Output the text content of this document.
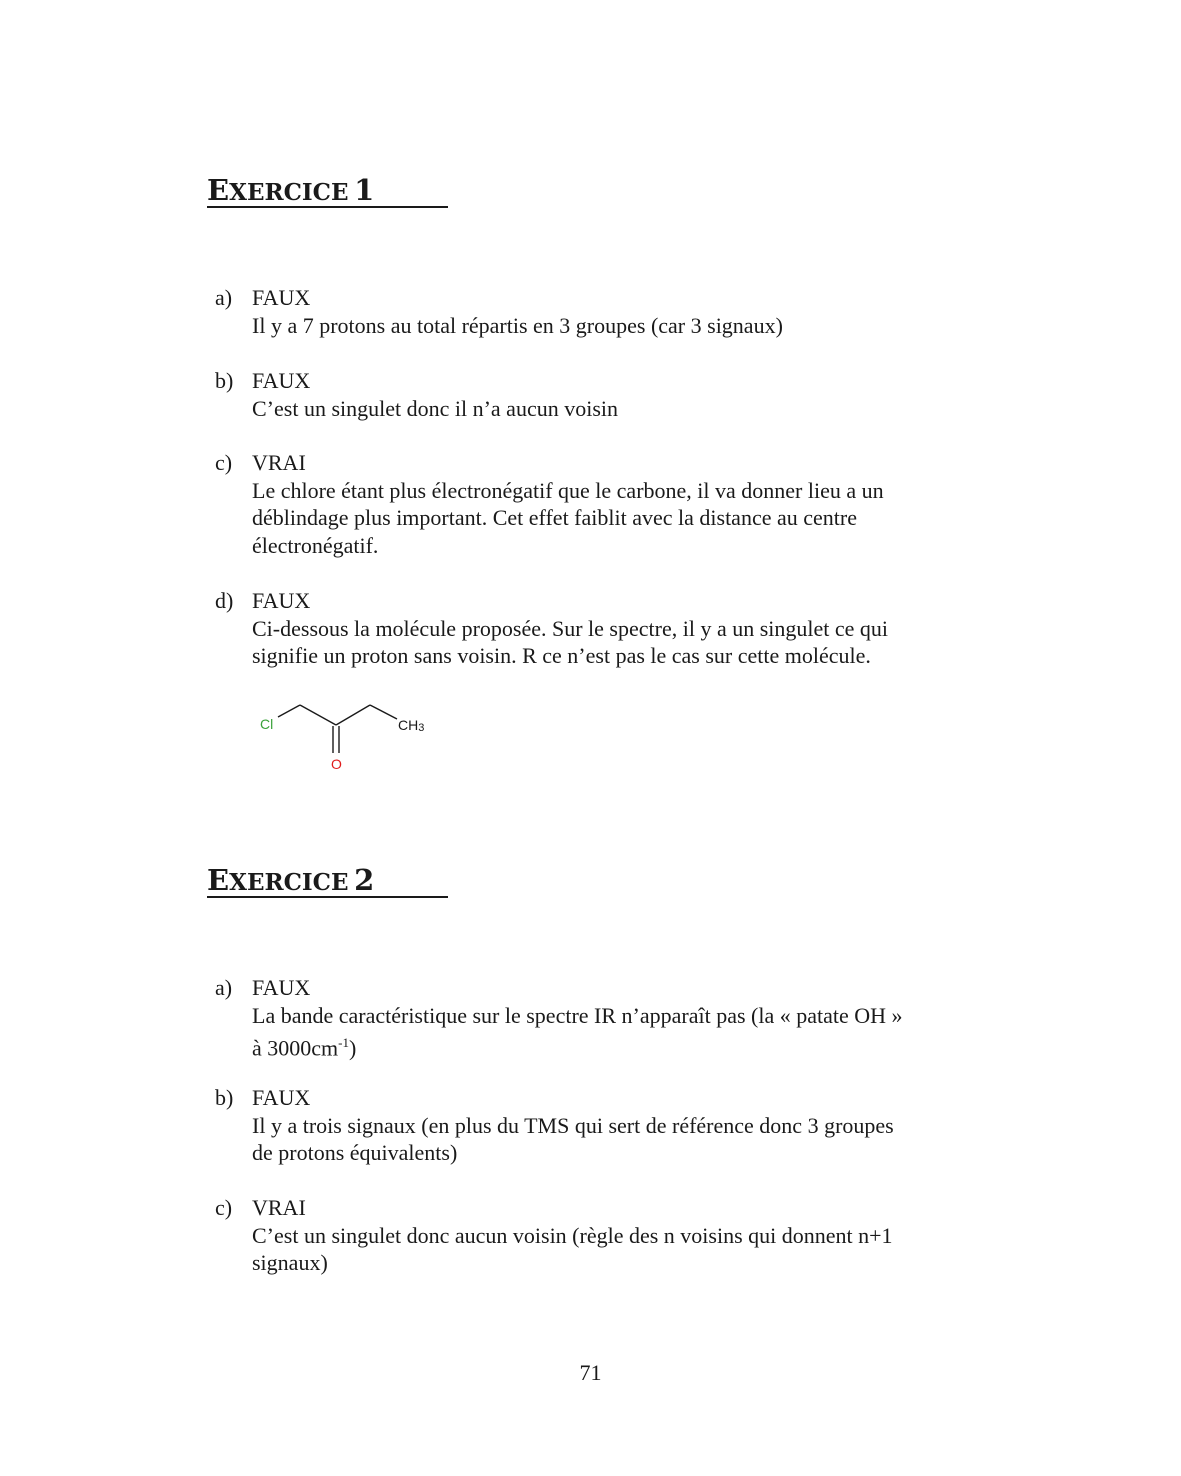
EXERCICE 1
a) FAUX

Il y a 7 protons au total répartis en 3 groupes (car 3 signaux)

b) FAUX

C’est un singulet donc il n’a aucun voisin

c) VRAI

Le chlore étant plus électronégatif que le carbone, il va donner lieu a un

déblindage plus important. Cet effet faiblit avec la distance au centre

électronégatif.

d) FAUX

Ci-dessous la molécule proposée. Sur le spectre, il y a un singulet ce qui

signifie un proton sans voisin. R ce n’est pas le cas sur cette molécule.

Cl	CH3
O
EXERCICE 2
a) FAUX

La bande caractéristique sur le spectre IR n’apparaît pas (la « patate OH »

à $3000cm^{-1}$)

b) FAUX

Il y a trois signaux (en plus du TMS qui sert de référence donc 3 groupes

de protons équivalents)

c) VRAI

C’est un singulet donc aucun voisin (règle des n voisins qui donnent n+1

signaux)

71
